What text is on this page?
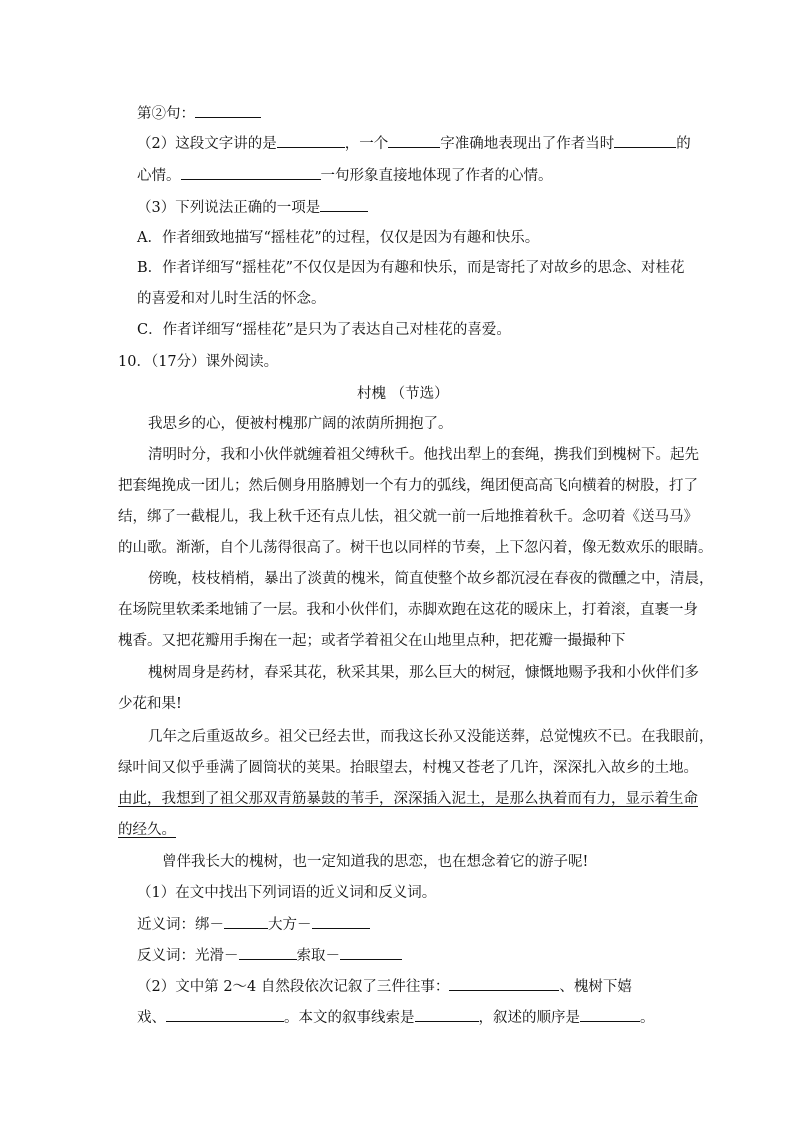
第②句：
（2）这段文字讲的是	，一个	字准确地表现出了作者当时	的
心情。	一句形象直接地体现了作者的心情。
（3）下列说法正确的一项是
A．作者细致地描写“摇桂花”的过程，仅仅是因为有趣和快乐。
B．作者详细写“摇桂花”不仅仅是因为有趣和快乐，而是寄托了对故乡的思念、对桂花
的喜爱和对儿时生活的怀念。
C．作者详细写“摇桂花”是只为了表达自己对桂花的喜爱。
10．（17分）课外阅读。
村槐 （节选）
我思乡的心，便被村槐那广阔的浓荫所拥抱了。
清明时分，我和小伙伴就缠着祖父缚秋千。他找出犁上的套绳，携我们到槐树下。起先
把套绳挽成一团儿；然后侧身用胳膊划一个有力的弧线，绳团便高高飞向横着的树股，打了
结，绑了一截棍儿，我上秋千还有点儿怯，祖父就一前一后地推着秋千。念叨着《送马马》
的山歌。渐渐，自个儿荡得很高了。树干也以同样的节奏，上下忽闪着，像无数欢乐的眼睛。
傍晚，枝枝梢梢，暴出了淡黄的槐米，简直使整个故乡都沉浸在春夜的微醺之中，清晨，
在场院里软柔柔地铺了一层。我和小伙伴们，赤脚欢跑在这花的暖床上，打着滚，直裹一身
槐香。又把花瓣用手掬在一起；或者学着祖父在山地里点种，把花瓣一撮撮种下
槐树周身是药材，春采其花，秋采其果，那么巨大的树冠，慷慨地赐予我和小伙伴们多
少花和果!
几年之后重返故乡。祖父已经去世，而我这长孙又没能送葬，总觉愧疚不已。在我眼前，
绿叶间又似乎垂满了圆筒状的荚果。抬眼望去，村槐又苍老了几许，深深扎入故乡的土地。
由此，我想到了祖父那双青筋暴鼓的苇手，深深插入泥土，是那么执着而有力，显示着生命
的经久。
曾伴我长大的槐树，也一定知道我的思恋，也在想念着它的游子呢!
（1）在文中找出下列词语的近义词和反义词。
近义词：绑－	大方－
反义词：光滑－	索取－
（2）文中第 2～4 自然段依次记叙了三件往事：	、槐树下嬉
戏、	。本文的叙事线索是	，叙述的顺序是	。
